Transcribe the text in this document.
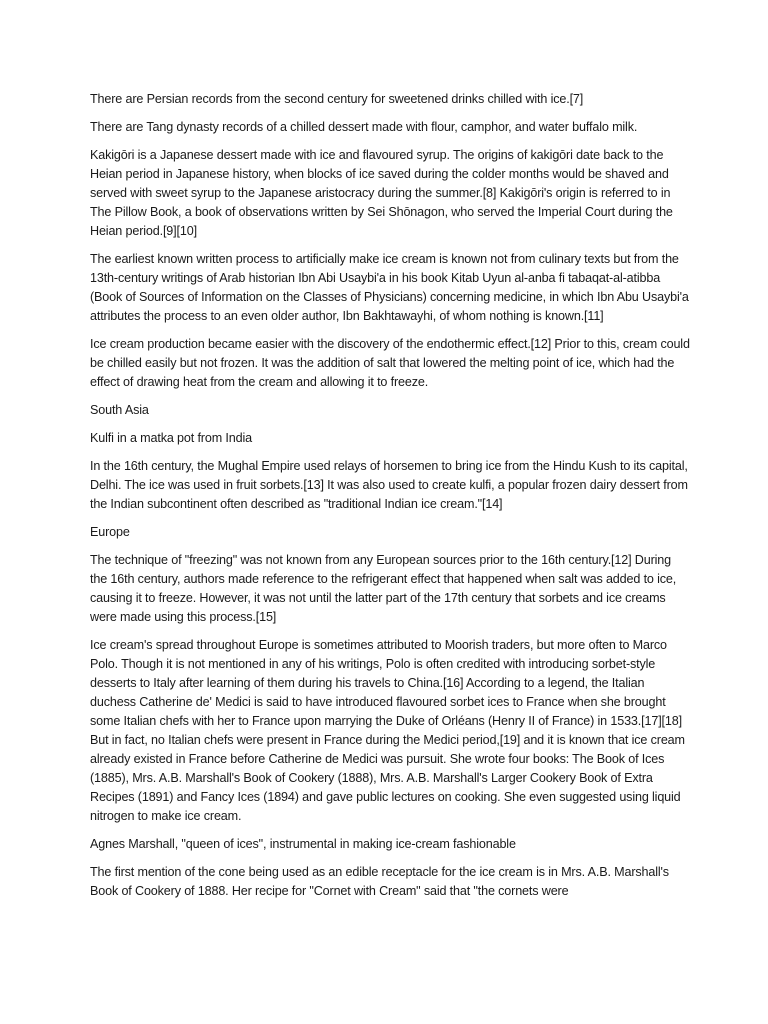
There are Persian records from the second century for sweetened drinks chilled with ice.[7]

There are Tang dynasty records of a chilled dessert made with flour, camphor, and water buffalo milk.

Kakigōri is a Japanese dessert made with ice and flavoured syrup. The origins of kakigōri date back to the Heian period in Japanese history, when blocks of ice saved during the colder months would be shaved and served with sweet syrup to the Japanese aristocracy during the summer.[8] Kakigōri's origin is referred to in The Pillow Book, a book of observations written by Sei Shōnagon, who served the Imperial Court during the Heian period.[9][10]

The earliest known written process to artificially make ice cream is known not from culinary texts but from the 13th-century writings of Arab historian Ibn Abi Usaybi'a in his book Kitab Uyun al-anba fi tabaqat-al-atibba (Book of Sources of Information on the Classes of Physicians) concerning medicine, in which Ibn Abu Usaybi'a attributes the process to an even older author, Ibn Bakhtawayhi, of whom nothing is known.[11]

Ice cream production became easier with the discovery of the endothermic effect.[12] Prior to this, cream could be chilled easily but not frozen. It was the addition of salt that lowered the melting point of ice, which had the effect of drawing heat from the cream and allowing it to freeze.

South Asia

Kulfi in a matka pot from India

In the 16th century, the Mughal Empire used relays of horsemen to bring ice from the Hindu Kush to its capital, Delhi. The ice was used in fruit sorbets.[13] It was also used to create kulfi, a popular frozen dairy dessert from the Indian subcontinent often described as "traditional Indian ice cream."[14]

Europe

The technique of "freezing" was not known from any European sources prior to the 16th century.[12] During the 16th century, authors made reference to the refrigerant effect that happened when salt was added to ice, causing it to freeze. However, it was not until the latter part of the 17th century that sorbets and ice creams were made using this process.[15]

Ice cream's spread throughout Europe is sometimes attributed to Moorish traders, but more often to Marco Polo. Though it is not mentioned in any of his writings, Polo is often credited with introducing sorbet-style desserts to Italy after learning of them during his travels to China.[16] According to a legend, the Italian duchess Catherine de' Medici is said to have introduced flavoured sorbet ices to France when she brought some Italian chefs with her to France upon marrying the Duke of Orléans (Henry II of France) in 1533.[17][18] But in fact, no Italian chefs were present in France during the Medici period,[19] and it is known that ice cream already existed in France before Catherine de Medici was pursuit. She wrote four books: The Book of Ices (1885), Mrs. A.B. Marshall's Book of Cookery (1888), Mrs. A.B. Marshall's Larger Cookery Book of Extra Recipes (1891) and Fancy Ices (1894) and gave public lectures on cooking. She even suggested using liquid nitrogen to make ice cream.

Agnes Marshall, "queen of ices", instrumental in making ice-cream fashionable

The first mention of the cone being used as an edible receptacle for the ice cream is in Mrs. A.B. Marshall's Book of Cookery of 1888. Her recipe for "Cornet with Cream" said that "the cornets were
